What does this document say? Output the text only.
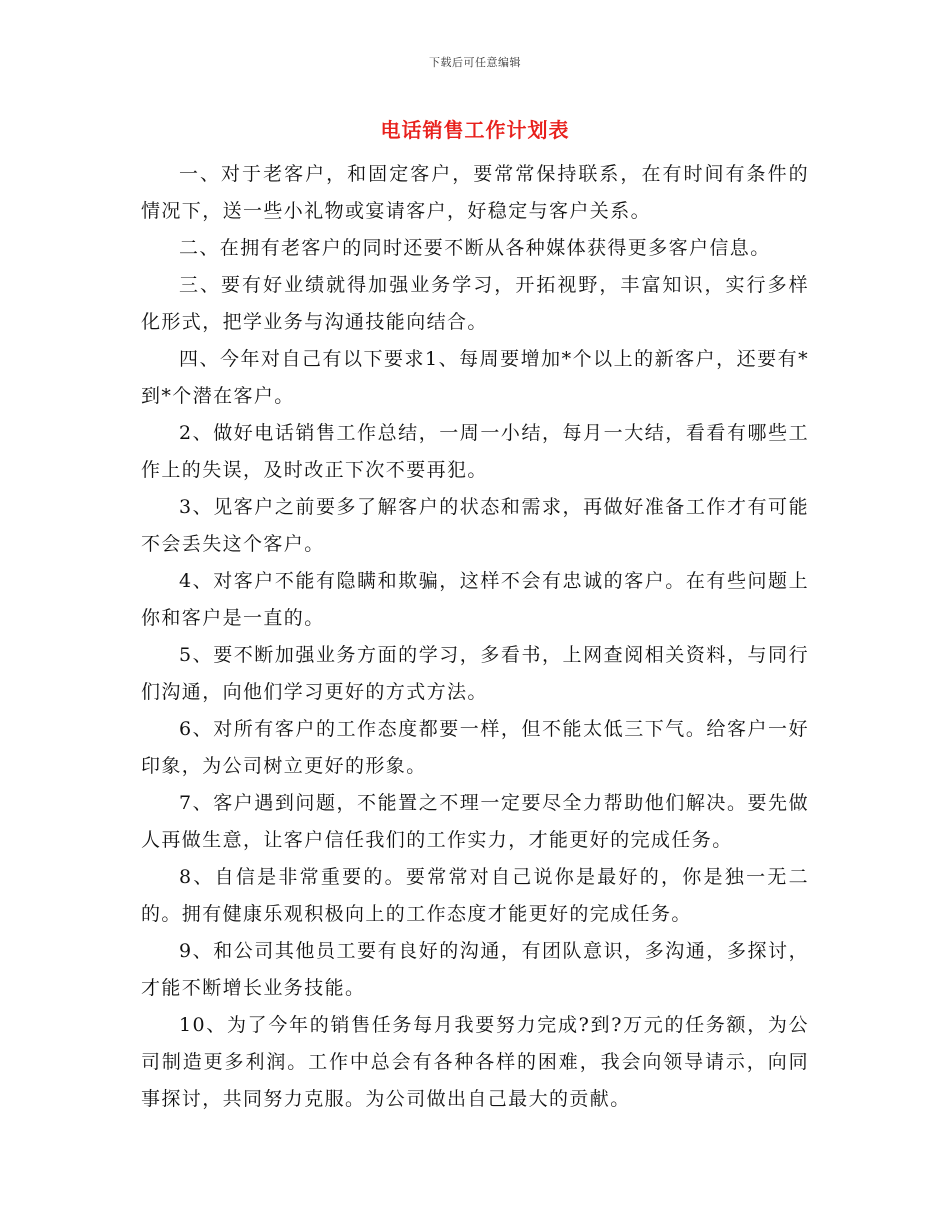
下载后可任意编辑
电话销售工作计划表

一、对于老客户，和固定客户，要常常保持联系，在有时间有条件的情况下，送一些小礼物或宴请客户，好稳定与客户关系。

二、在拥有老客户的同时还要不断从各种媒体获得更多客户信息。

三、要有好业绩就得加强业务学习，开拓视野，丰富知识，实行多样化形式，把学业务与沟通技能向结合。

四、今年对自己有以下要求1、每周要增加*个以上的新客户，还要有*到*个潜在客户。

2、做好电话销售工作总结，一周一小结，每月一大结，看看有哪些工作上的失误，及时改正下次不要再犯。

3、见客户之前要多了解客户的状态和需求，再做好准备工作才有可能不会丢失这个客户。

4、对客户不能有隐瞒和欺骗，这样不会有忠诚的客户。在有些问题上你和客户是一直的。

5、要不断加强业务方面的学习，多看书，上网查阅相关资料，与同行们沟通，向他们学习更好的方式方法。

6、对所有客户的工作态度都要一样，但不能太低三下气。给客户一好印象，为公司树立更好的形象。

7、客户遇到问题，不能置之不理一定要尽全力帮助他们解决。要先做人再做生意，让客户信任我们的工作实力，才能更好的完成任务。

8、自信是非常重要的。要常常对自己说你是最好的，你是独一无二的。拥有健康乐观积极向上的工作态度才能更好的完成任务。

9、和公司其他员工要有良好的沟通，有团队意识，多沟通，多探讨，才能不断增长业务技能。

10、为了今年的销售任务每月我要努力完成?到?万元的任务额，为公司制造更多利润。工作中总会有各种各样的困难，我会向领导请示，向同事探讨，共同努力克服。为公司做出自己最大的贡献。
